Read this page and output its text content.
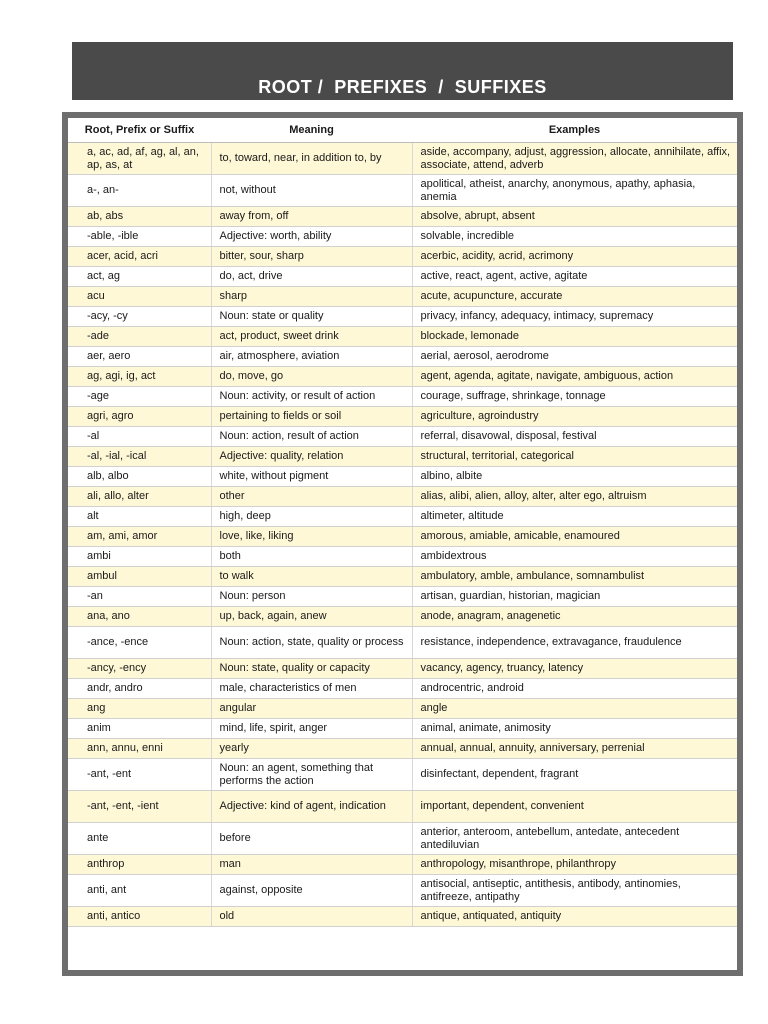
ROOT /  PREFIXES  /  SUFFIXES
Root, Prefix or Suffix	Meaning	Examples
a, ac, ad, af, ag, al, an, ap, as, at	to, toward, near, in addition to, by	aside, accompany, adjust, aggression, allocate, annihilate, affix, associate, attend, adverb
a-, an-	not, without	apolitical, atheist, anarchy, anonymous, apathy, aphasia, anemia
ab, abs	away from, off	absolve, abrupt, absent
-able, -ible	Adjective: worth, ability	solvable, incredible
acer, acid, acri	bitter, sour, sharp	acerbic, acidity, acrid, acrimony
act, ag	do, act, drive	active, react, agent, active, agitate
acu	sharp	acute, acupuncture, accurate
-acy, -cy	Noun: state or quality	privacy, infancy, adequacy, intimacy, supremacy
-ade	act, product, sweet drink	blockade, lemonade
aer, aero	air, atmosphere, aviation	aerial, aerosol, aerodrome
ag, agi, ig, act	do, move, go	agent, agenda, agitate, navigate, ambiguous, action
-age	Noun: activity, or result of action	courage, suffrage, shrinkage, tonnage
agri, agro	pertaining to fields or soil	agriculture, agroindustry
-al	Noun: action, result of action	referral, disavowal, disposal, festival
-al, -ial, -ical	Adjective: quality, relation	structural, territorial, categorical
alb, albo	white, without pigment	albino, albite
ali, allo, alter	other	alias, alibi, alien, alloy, alter, alter ego, altruism
alt	high, deep	altimeter, altitude
am, ami, amor	love, like, liking	amorous, amiable, amicable, enamoured
ambi	both	ambidextrous
ambul	to walk	ambulatory, amble, ambulance, somnambulist
-an	Noun: person	artisan, guardian, historian, magician
ana, ano	up, back, again, anew	anode, anagram, anagenetic
-ance, -ence	Noun: action, state, quality or process	resistance, independence, extravagance, fraudulence
-ancy, -ency	Noun: state, quality or capacity	vacancy, agency, truancy, latency
andr, andro	male, characteristics of men	androcentric, android
ang	angular	angle
anim	mind, life, spirit, anger	animal, animate, animosity
ann, annu, enni	yearly	annual, annual, annuity, anniversary, perrenial
-ant, -ent	Noun: an agent, something that performs the action	disinfectant, dependent, fragrant
-ant, -ent, -ient	Adjective: kind of agent, indication	important, dependent, convenient
ante	before	anterior, anteroom, antebellum, antedate, antecedent antediluvian
anthrop	man	anthropology, misanthrope, philanthropy
anti, ant	against, opposite	antisocial, antiseptic, antithesis, antibody, antinomies, antifreeze, antipathy
anti, antico	old	antique, antiquated, antiquity
